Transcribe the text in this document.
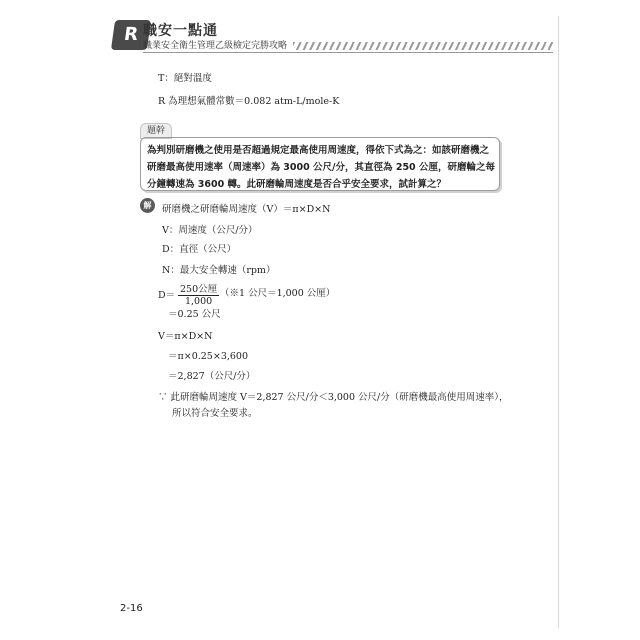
R 職安一點通
職業安全衛生管理乙級檢定完勝攻略
T：絕對溫度
R 為理想氣體常數＝0.082 atm-L/mole-K
題幹
為判別研磨機之使用是否超過規定最高使用周速度，得依下式為之：如該研磨機之研磨最高使用速率（周速率）為 3000 公尺/分，其直徑為 250 公厘，研磨輪之每分鐘轉速為 3600 轉。此研磨輪周速度是否合乎安全要求，試計算之？
解	研磨機之研磨輪周速度（V）＝π×D×N
V：周速度（公尺/分）
D：直徑（公尺）
N：最大安全轉速（rpm）
D＝
250公厘
1,000
（※1 公尺＝1,000 公厘）
＝0.25 公尺
V＝π×D×N
＝π×0.25×3,600
＝2,827（公尺/分）
∵ 此研磨輪周速度 V＝2,827 公尺/分＜3,000 公尺/分（研磨機最高使用周速率），
所以符合安全要求。
2-16
